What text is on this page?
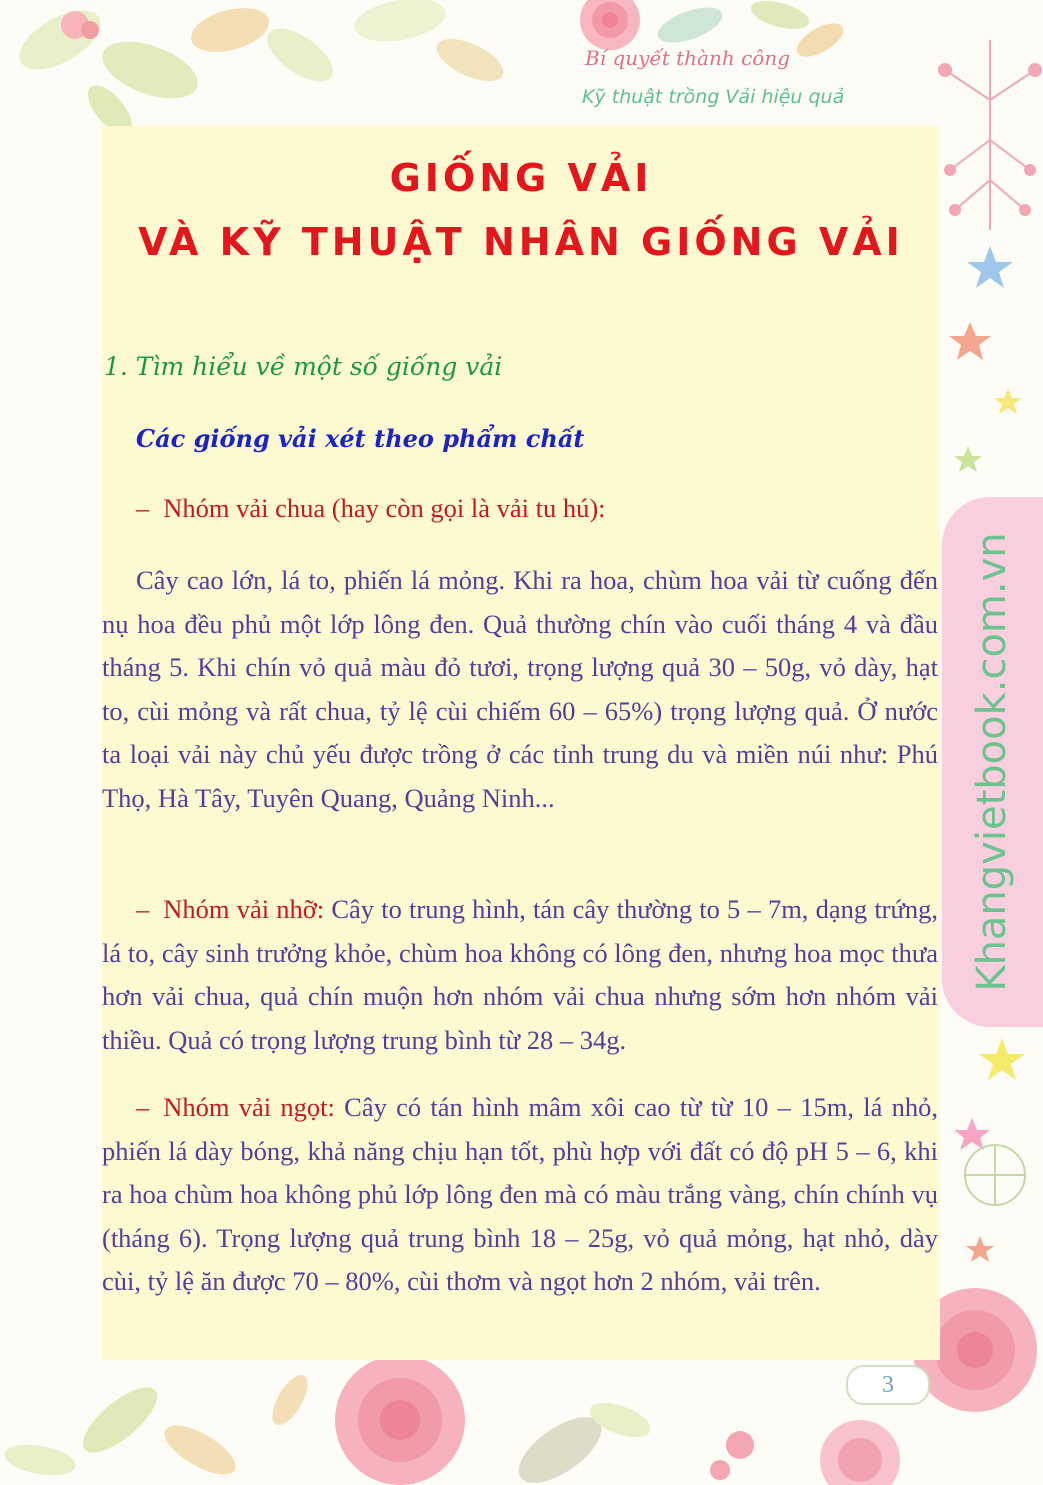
Bí quyết thành công
Kỹ thuật trồng Vải hiệu quả
GIỐNG VẢI
VÀ KỸ THUẬT NHÂN GIỐNG VẢI
1. Tìm hiểu về một số giống vải
Các giống vải xét theo phẩm chất

– Nhóm vải chua (hay còn gọi là vải tu hú):

Cây cao lớn, lá to, phiến lá mỏng. Khi ra hoa, chùm hoa vải từ cuống đến nụ hoa đều phủ một lớp lông đen. Quả thường chín vào cuối tháng 4 và đầu tháng 5. Khi chín vỏ quả màu đỏ tươi, trọng lượng quả 30 – 50g, vỏ dày, hạt to, cùi mỏng và rất chua, tỷ lệ cùi chiếm 60 – 65%) trọng lượng quả. Ở nước ta loại vải này chủ yếu được trồng ở các tỉnh trung du và miền núi như: Phú Thọ, Hà Tây, Tuyên Quang, Quảng Ninh...

– Nhóm vải nhỡ: Cây to trung hình, tán cây thường to 5 – 7m, dạng trứng, lá to, cây sinh trưởng khỏe, chùm hoa không có lông đen, nhưng hoa mọc thưa hơn vải chua, quả chín muộn hơn nhóm vải chua nhưng sớm hơn nhóm vải thiều. Quả có trọng lượng trung bình từ 28 – 34g.

– Nhóm vải ngọt: Cây có tán hình mâm xôi cao từ từ 10 – 15m, lá nhỏ, phiến lá dày bóng, khả năng chịu hạn tốt, phù hợp với đất có độ pH 5 – 6, khi ra hoa chùm hoa không phủ lớp lông đen mà có màu trắng vàng, chín chính vụ (tháng 6). Trọng lượng quả trung bình 18 – 25g, vỏ quả mỏng, hạt nhỏ, dày cùi, tỷ lệ ăn được 70 – 80%, cùi thơm và ngọt hơn 2 nhóm, vải trên.

Khangvietbook.com.vn
3
